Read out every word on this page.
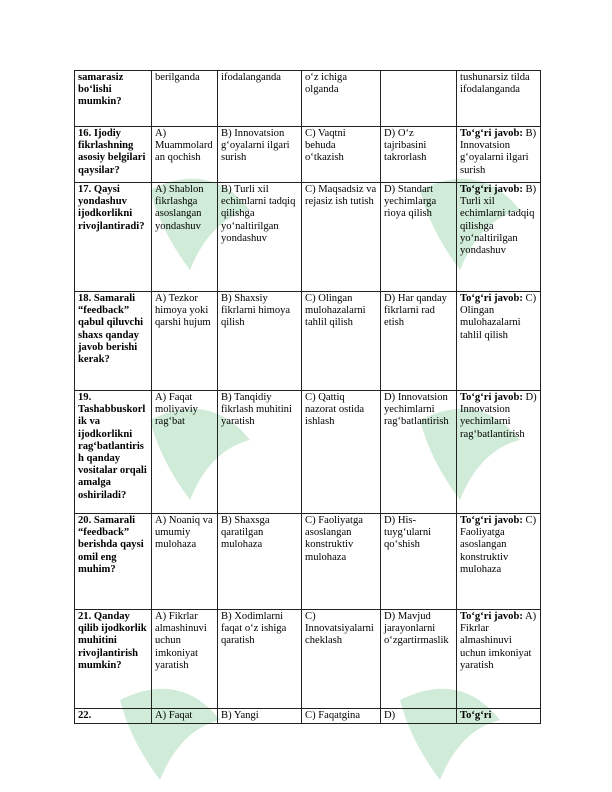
samarasiz bo‘lishi mumkin?	berilganda	ifodalanganda	o‘z ichiga olganda		tushunarsiz tilda ifodalanganda
16. Ijodiy fikrlashning asosiy belgilari qaysilar?	A) Muammolardan qochish	B) Innovatsion g‘oyalarni ilgari surish	C) Vaqtni behuda o‘tkazish	D) O‘z tajribasini takrorlash	To‘g‘ri javob: B) Innovatsion g‘oyalarni ilgari surish
17. Qaysi yondashuv ijodkorlikni rivojlantiradi?	A) Shablon fikrlashga asoslangan yondashuv	B) Turli xil echimlarni tadqiq qilishga yo‘naltirilgan yondashuv	C) Maqsadsiz va rejasiz ish tutish	D) Standart yechimlarga rioya qilish	To‘g‘ri javob: B) Turli xil echimlarni tadqiq qilishga yo‘naltirilgan yondashuv
18. Samarali “feedback” qabul qiluvchi shaxs qanday javob berishi kerak?	A) Tezkor himoya yoki qarshi hujum	B) Shaxsiy fikrlarni himoya qilish	C) Olingan mulohazalarni tahlil qilish	D) Har qanday fikrlarni rad etish	To‘g‘ri javob: C) Olingan mulohazalarni tahlil qilish
19. Tashabbuskorlik va ijodkorlikni rag‘batlantirish qanday vositalar orqali amalga oshiriladi?	A) Faqat moliyaviy rag‘bat	B) Tanqidiy fikrlash muhitini yaratish	C) Qattiq nazorat ostida ishlash	D) Innovatsion yechimlarni rag‘batlantirish	To‘g‘ri javob: D) Innovatsion yechimlarni rag‘batlantirish
20. Samarali “feedback” berishda qaysi omil eng muhim?	A) Noaniq va umumiy mulohaza	B) Shaxsga qaratilgan mulohaza	C) Faoliyatga asoslangan konstruktiv mulohaza	D) His-tuyg‘ularni qo‘shish	To‘g‘ri javob: C) Faoliyatga asoslangan konstruktiv mulohaza
21. Qanday qilib ijodkorlik muhitini rivojlantirish mumkin?	A) Fikrlar almashinuvi uchun imkoniyat yaratish	B) Xodimlarni faqat o‘z ishiga qaratish	C) Innovatsiyalarni cheklash	D) Mavjud jarayonlarni o‘zgartirmaslik	To‘g‘ri javob: A) Fikrlar almashinuvi uchun imkoniyat yaratish
22.	A) Faqat	B) Yangi	C) Faqatgina	D)	To‘g‘ri
